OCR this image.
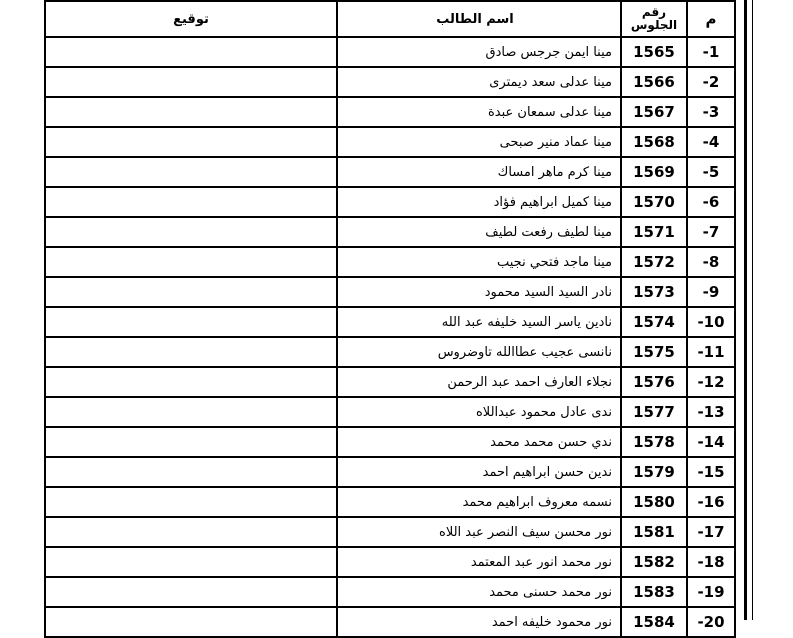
م	رقم الجلوس	اسم الطالب	توقيع
-1	1565	مينا ايمن جرجس صادق	
-2	1566	مينا عدلى سعد ديمترى	
-3	1567	مينا عدلى سمعان عبدة	
-4	1568	مينا عماد منير صبحى	
-5	1569	مينا كرم ماهر امساك	
-6	1570	مينا كميل ابراهيم فؤاد	
-7	1571	مينا لطيف رفعت لطيف	
-8	1572	مينا ماجد فتحي نجيب	
-9	1573	نادر السيد السيد محمود	
-10	1574	نادين ياسر السيد خليفه عبد الله	
-11	1575	نانسى عجيب عطاالله تاوضروس	
-12	1576	نجلاء العارف احمد عبد الرحمن	
-13	1577	ندى عادل محمود عبداللاه	
-14	1578	ندي حسن محمد محمد	
-15	1579	ندين حسن ابراهيم احمد	
-16	1580	نسمه معروف ابراهيم محمد	
-17	1581	نور محسن سيف النصر عبد اللاه	
-18	1582	نور محمد انور عبد المعتمد	
-19	1583	نور محمد حسنى محمد	
-20	1584	نور محمود خليفه احمد	
